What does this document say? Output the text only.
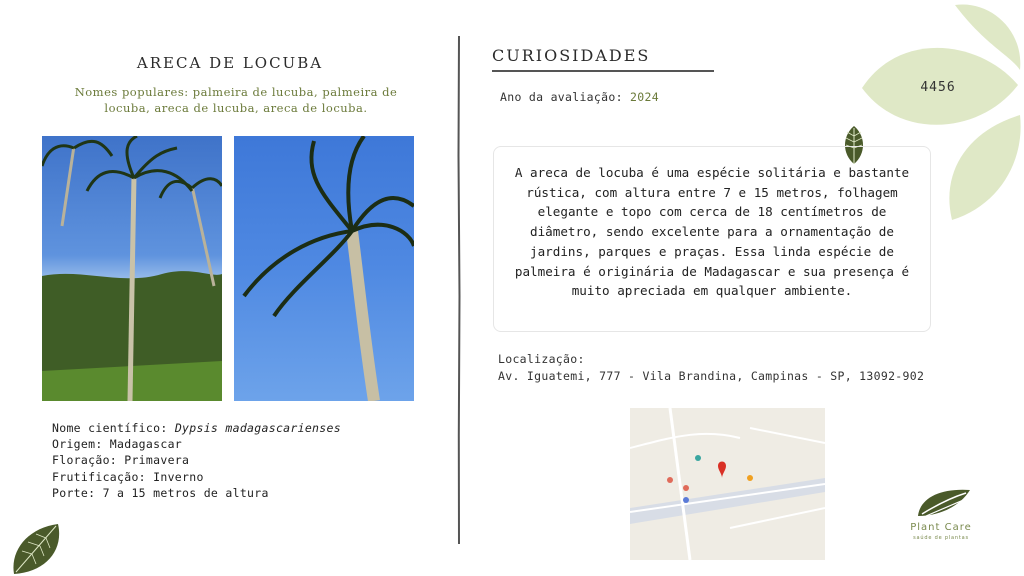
4456
ARECA DE LOCUBA
Nomes populares: palmeira de lucuba, palmeira de locuba, areca de lucuba, areca de locuba.
Nome científico: Dypsis madagascarienses
Origem: Madagascar
Floração: Primavera
Frutificação: Inverno
Porte: 7 a 15 metros de altura
CURIOSIDADES
Ano da avaliação: 2024

A areca de locuba é uma espécie solitária e bastante rústica, com altura entre 7 e 15 metros, folhagem elegante e topo com cerca de 18 centímetros de diâmetro, sendo excelente para a ornamentação de jardins, parques e praças. Essa linda espécie de palmeira é originária de Madagascar e sua presença é muito apreciada em qualquer ambiente.

Localização:
Av. Iguatemi, 777 - Vila Brandina, Campinas - SP, 13092-902
Plant Care
saúde de plantas
